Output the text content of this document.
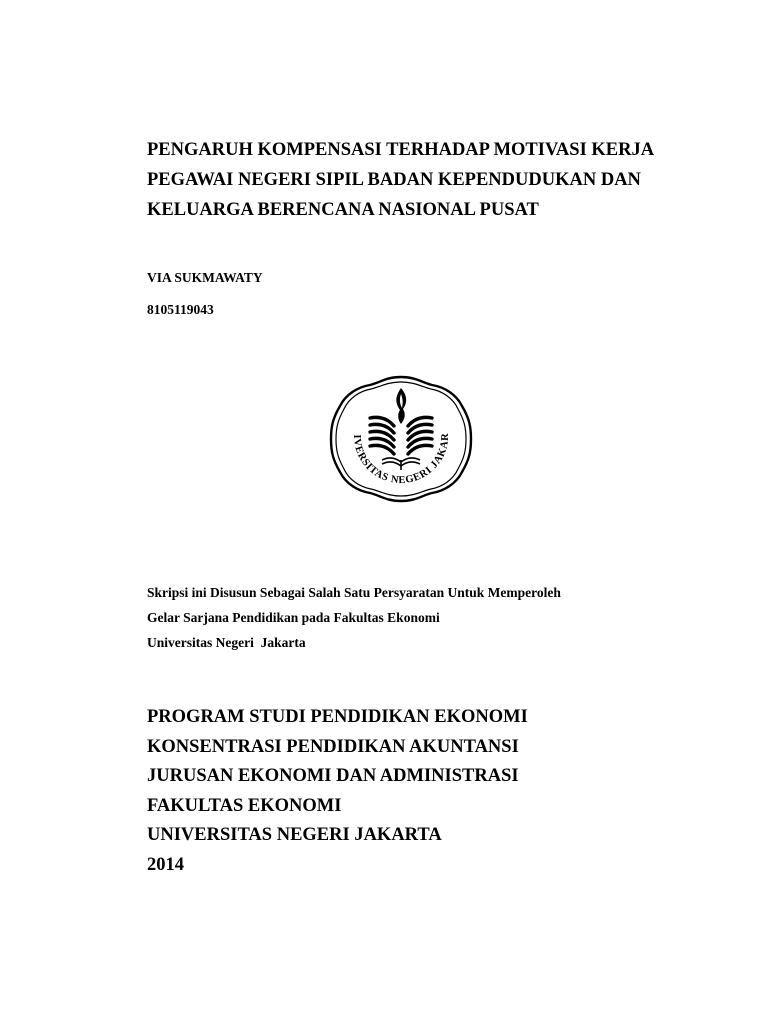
PENGARUH KOMPENSASI TERHADAP MOTIVASI KERJA
PEGAWAI NEGERI SIPIL BADAN KEPENDUDUKAN DAN
KELUARGA BERENCANA NASIONAL PUSAT
VIA SUKMAWATY
8105119043
IVERSITAS NEGERI JAKAR
Skripsi ini Disusun Sebagai Salah Satu Persyaratan Untuk Memperoleh
Gelar Sarjana Pendidikan pada Fakultas Ekonomi
Universitas Negeri  Jakarta
PROGRAM STUDI PENDIDIKAN EKONOMI
KONSENTRASI PENDIDIKAN AKUNTANSI
JURUSAN EKONOMI DAN ADMINISTRASI
FAKULTAS EKONOMI
UNIVERSITAS NEGERI JAKARTA
2014
